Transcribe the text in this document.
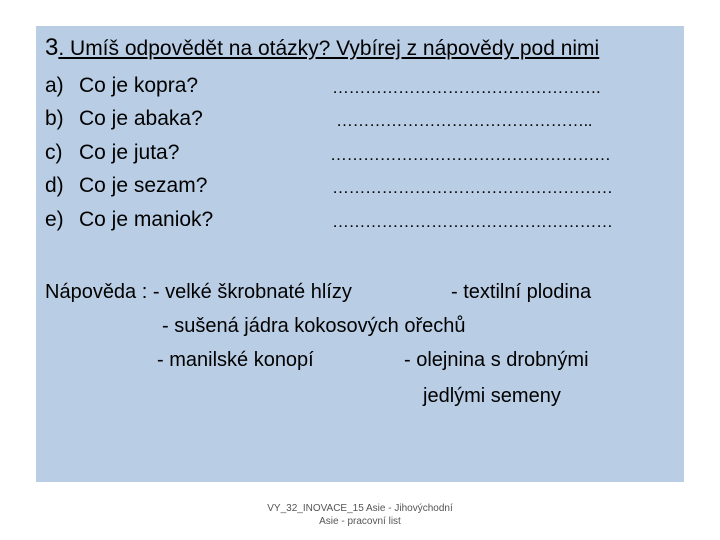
3. Umíš odpovědět na otázky? Vybírej z nápovědy pod nimi
a) Co je kopra?	………………………………………….
b) Co je abaka?	………………………………………..
c) Co je juta?	……………………………………………
d) Co je sezam?	……………………………………………
e) Co je maniok?	……………………………………………
Nápověda : - velké škrobnaté hlízy	- textilní plodina
- sušená jádra kokosových ořechů
- manilské konopí	- olejnina s drobnými
jedlými semeny
VY_32_INOVACE_15 Asie - Jihovýchodní
Asie - pracovní list
